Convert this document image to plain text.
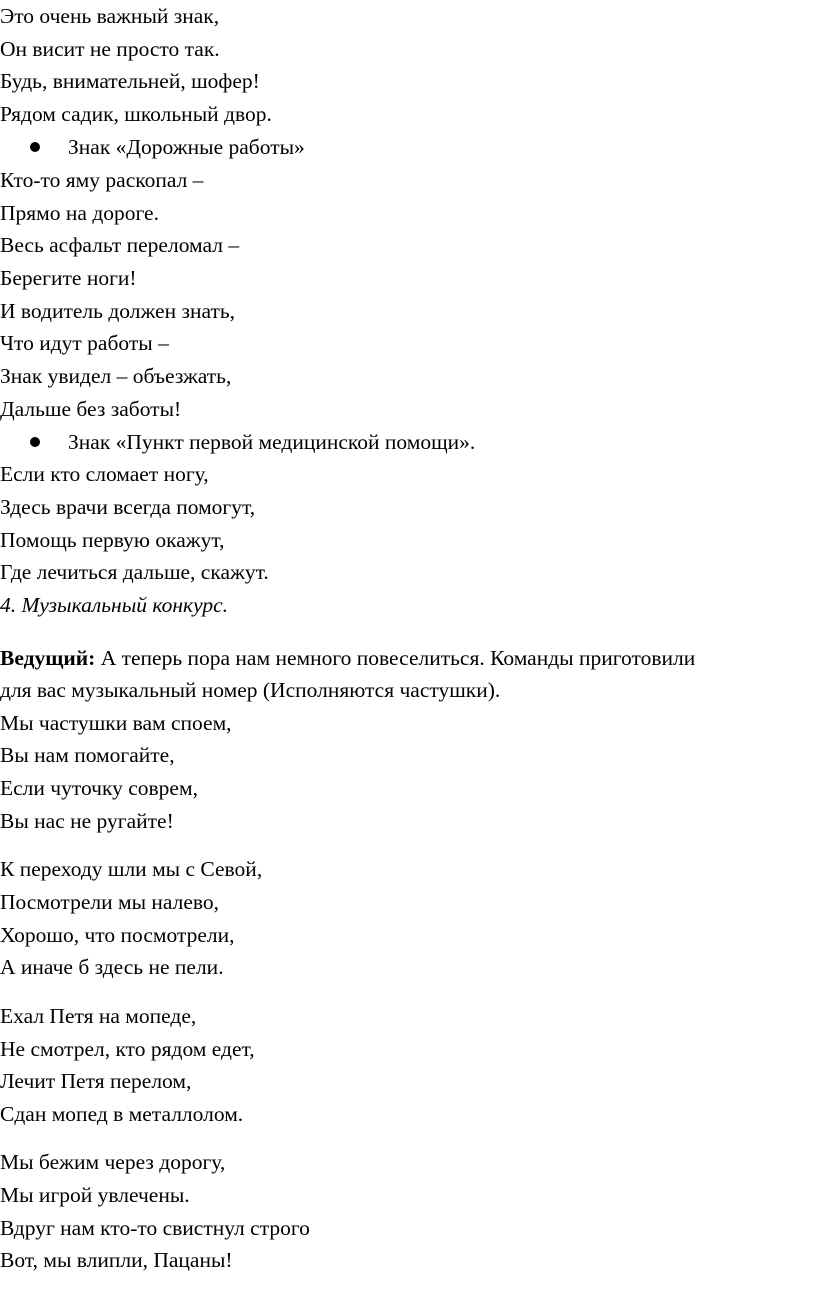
Это очень важный знак,
Он висит не просто так.
Будь, внимательней, шофер!
Рядом садик, школьный двор.
Знак «Дорожные работы»
Кто-то яму раскопал –
Прямо на дороге.
Весь асфальт переломал –
Берегите ноги!
И водитель должен знать,
Что идут работы –
Знак увидел – объезжать,
Дальше без заботы!
Знак «Пункт первой медицинской помощи».
Если кто сломает ногу,
Здесь врачи всегда помогут,
Помощь первую окажут,
Где лечиться дальше, скажут.
4. Музыкальный конкурс.
Ведущий: А теперь пора нам немного повеселиться. Команды приготовили
для вас музыкальный номер (Исполняются частушки).
Мы частушки вам споем,
Вы нам помогайте,
Если чуточку соврем,
Вы нас не ругайте!
К переходу шли мы с Севой,
Посмотрели мы налево,
Хорошо, что посмотрели,
А иначе б здесь не пели.
Ехал Петя на мопеде,
Не смотрел, кто рядом едет,
Лечит Петя перелом,
Сдан мопед в металлолом.
Мы бежим через дорогу,
Мы игрой увлечены.
Вдруг нам кто-то свистнул строго
Вот, мы влипли, Пацаны!
